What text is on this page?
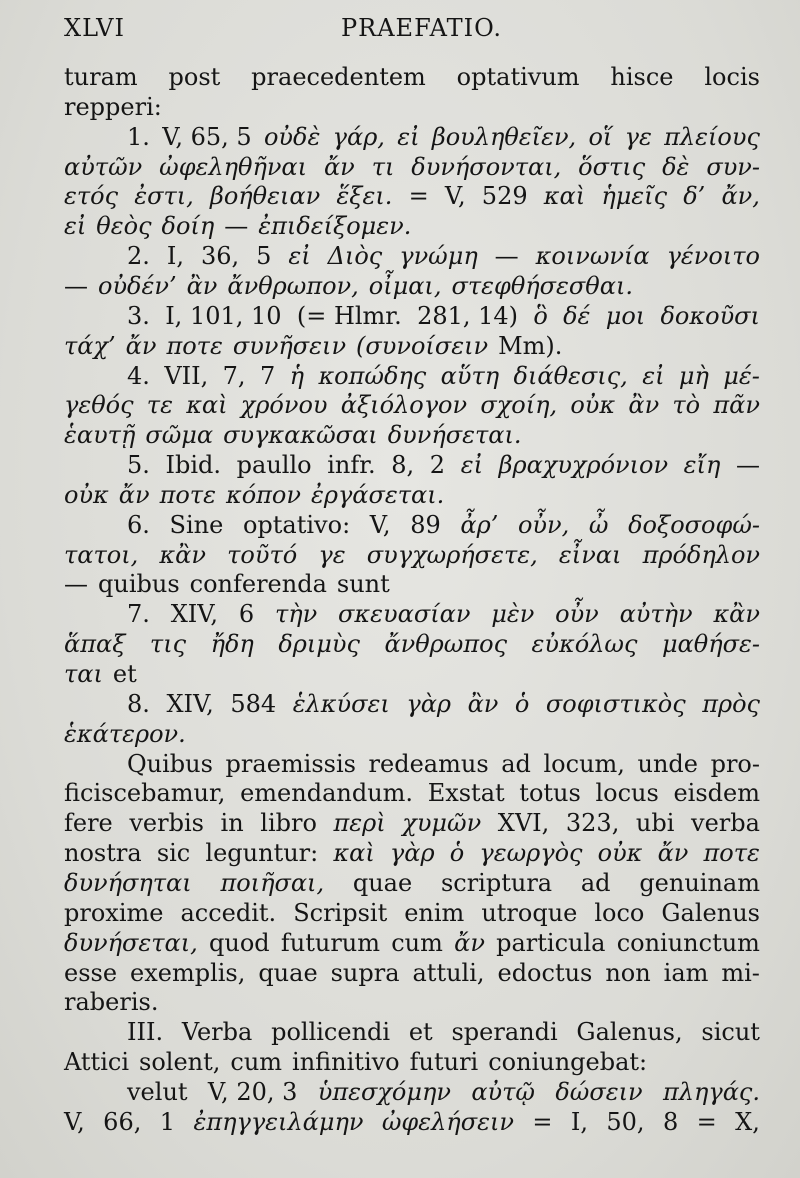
XLVI	PRAEFATIO.
turam post praecedentem optativum hisce locis
repperi:
1. V, 65, 5 οὐδὲ γάρ, εἰ βουληθεῖεν, οἵ γε πλείους
αὐτῶν ὠφεληθῆναι ἄν τι δυνήσονται, ὅστις δὲ συν-
ετός ἐστι, βοήθειαν ἕξει. = V, 529 καὶ ἡμεῖς δ’ ἄν,
εἰ θεὸς δοίη — ἐπιδείξομεν.
2. I, 36, 5 εἰ Διὸς γνώμη — κοινωνία γένοιτο
— οὐδέν’ ἂν ἄνθρωπον, οἶμαι, στεφθήσεσθαι.
3. I, 101, 10 (= Hlmr. 281, 14) ὃ δέ μοι δοκοῦσι
τάχ’ ἄν ποτε συνῆσειν (συνοίσειν Mm).
4. VII, 7, 7 ἡ κοπώδης αὕτη διάθεσις, εἰ μὴ μέ-
γεθός τε καὶ χρόνου ἀξιόλογον σχοίη, οὐκ ἂν τὸ πᾶν
ἑαυτῇ σῶμα συγκακῶσαι δυνήσεται.
5. Ibid. paullo infr. 8, 2 εἰ βραχυχρόνιον εἴη —
οὐκ ἄν ποτε κόπον ἐργάσεται.
6. Sine optativo: V, 89 ἆρ’ οὖν, ὦ δοξοσοφώ-
τατοι, κἂν τοῦτό γε συγχωρήσετε, εἶναι πρόδηλον
— quibus conferenda sunt
7. XIV, 6 τὴν σκευασίαν μὲν οὖν αὐτὴν κἂν
ἅπαξ τις ἤδη δριμὺς ἄνθρωπος εὐκόλως μαθήσε-
ται et
8. XIV, 584 ἑλκύσει γὰρ ἂν ὁ σοφιστικὸς πρὸς
ἑκάτερον.
Quibus praemissis redeamus ad locum, unde pro-
ficiscebamur, emendandum. Exstat totus locus eisdem
fere verbis in libro περὶ χυμῶν XVI, 323, ubi verba
nostra sic leguntur: καὶ γὰρ ὁ γεωργὸς οὐκ ἄν ποτε
δυνήσηται ποιῆσαι, quae scriptura ad genuinam
proxime accedit. Scripsit enim utroque loco Galenus
δυνήσεται, quod futurum cum ἄν particula coniunctum
esse exemplis, quae supra attuli, edoctus non iam mi-
raberis.
III. Verba pollicendi et sperandi Galenus, sicut
Attici solent, cum infinitivo futuri coniungebat:
velut V, 20, 3 ὑπεσχόμην αὐτῷ δώσειν πληγάς.
V, 66, 1 ἐπηγγειλάμην ὠφελήσειν = I, 50, 8 = X,
